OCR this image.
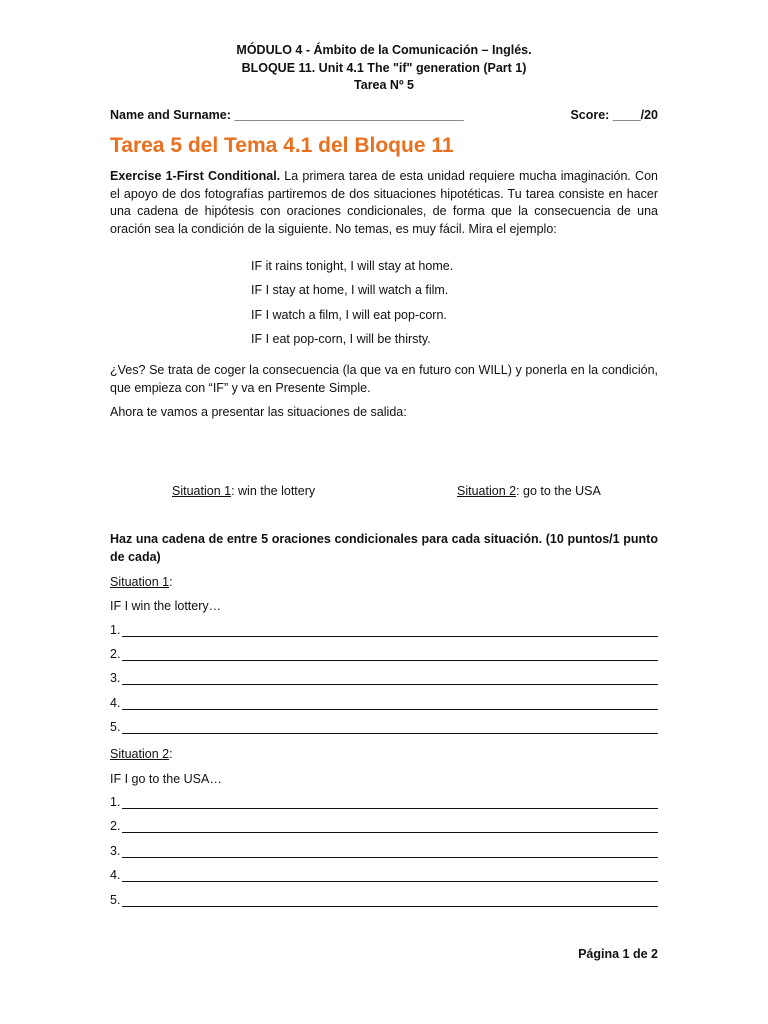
MÓDULO 4 - Ámbito de la Comunicación – Inglés.
BLOQUE 11. Unit 4.1 The "if" generation (Part 1)
Tarea Nº 5
Name and Surname: _________________________________	Score: ____/20
Tarea 5 del Tema 4.1 del Bloque 11
Exercise 1-First Conditional. La primera tarea de esta unidad requiere mucha imaginación. Con el apoyo de dos fotografías partiremos de dos situaciones hipotéticas. Tu tarea consiste en hacer una cadena de hipótesis con oraciones condicionales, de forma que la consecuencia de una oración sea la condición de la siguiente. No temas, es muy fácil. Mira el ejemplo:
IF it rains tonight, I will stay at home.
IF I stay at home, I will watch a film.
IF I watch a film, I will eat pop-corn.
IF I eat pop-corn, I will be thirsty.
¿Ves? Se trata de coger la consecuencia (la que va en futuro con WILL) y ponerla en la condición, que empieza con “IF” y va en Presente Simple.
Ahora te vamos a presentar las situaciones de salida:
Situation 1: win the lottery	Situation 2: go to the USA
Haz una cadena de entre 5 oraciones condicionales para cada situación. (10 puntos/1 punto de cada)
Situation 1:
IF I win the lottery…
1.
2.
3.
4.
5.
Situation 2:
IF I go to the USA…
1.
2.
3.
4.
5.
Página 1 de 2
